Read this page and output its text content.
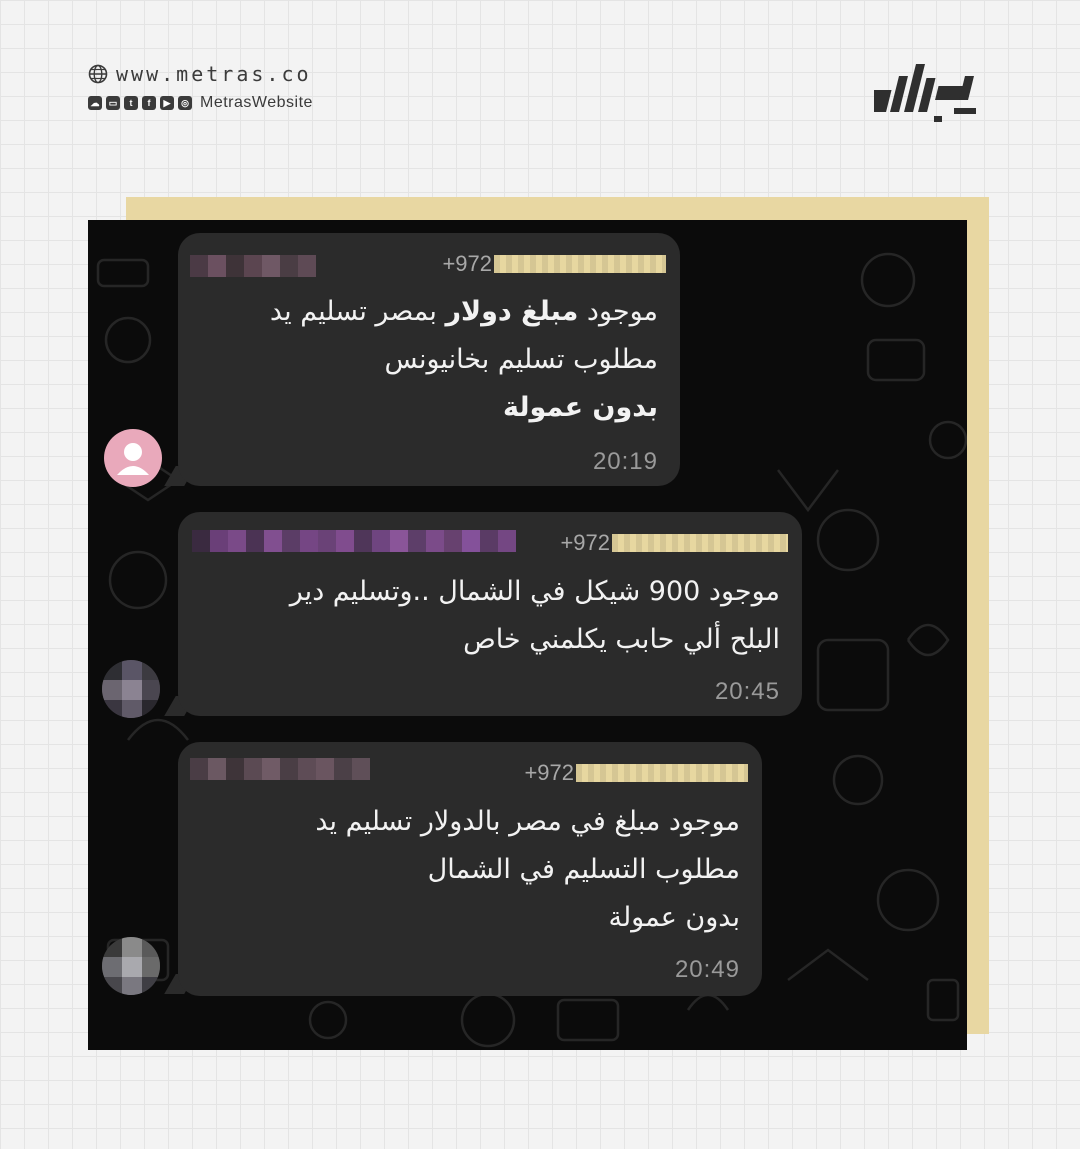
www.metras.co
☁	▭	t	f	▶	◎ MetrasWebsite
+972
موجود مبلغ دولار بمصر تسليم يد
مطلوب تسليم بخانيونس
بدون عمولة
20:19
+972
موجود 900 شيكل في الشمال ..وتسليم دير
البلح ألي حابب يكلمني خاص
20:45
+972
موجود مبلغ في مصر بالدولار تسليم يد
مطلوب التسليم في الشمال
بدون عمولة
20:49
